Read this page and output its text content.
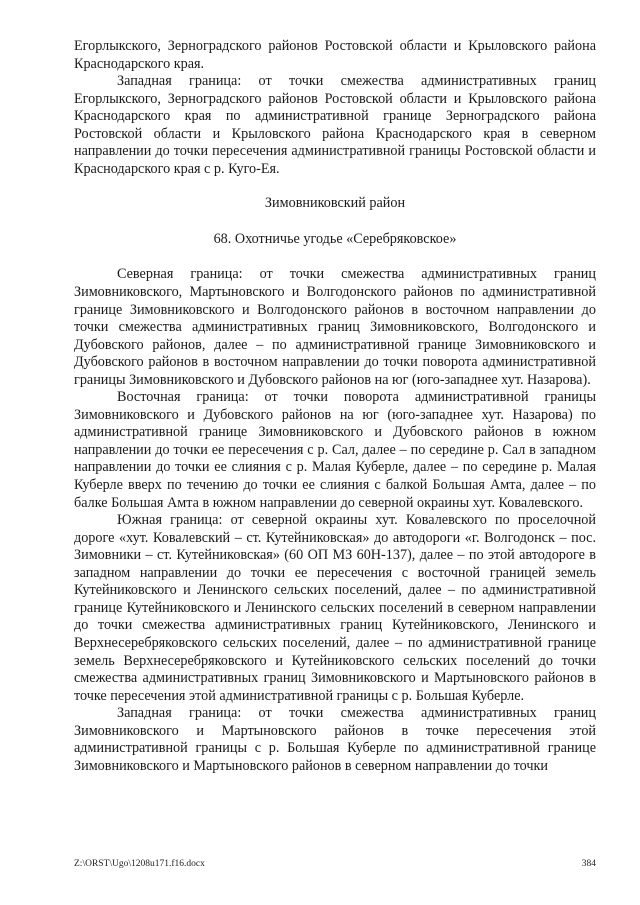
Егорлыкского, Зерноградского районов Ростовской области и Крыловского района Краснодарского края.

Западная граница: от точки смежества административных границ Егорлыкского, Зерноградского районов Ростовской области и Крыловского района Краснодарского края по административной границе Зерноградского района Ростовской области и Крыловского района Краснодарского края в северном направлении до точки пересечения административной границы Ростовской области и Краснодарского края с р. Куго-Ея.

Зимовниковский район

68. Охотничье угодье «Серебряковское»

Северная граница: от точки смежества административных границ Зимовниковского, Мартыновского и Волгодонского районов по административной границе Зимовниковского и Волгодонского районов в восточном направлении до точки смежества административных границ Зимовниковского, Волгодонского и Дубовского районов, далее – по административной границе Зимовниковского и Дубовского районов в восточном направлении до точки поворота административной границы Зимовниковского и Дубовского районов на юг (юго-западнее хут. Назарова).

Восточная граница: от точки поворота административной границы Зимовниковского и Дубовского районов на юг (юго-западнее хут. Назарова) по административной границе Зимовниковского и Дубовского районов в южном направлении до точки ее пересечения с р. Сал, далее – по середине р. Сал в западном направлении до точки ее слияния с р. Малая Куберле, далее – по середине р. Малая Куберле вверх по течению до точки ее слияния с балкой Большая Амта, далее – по балке Большая Амта в южном направлении до северной окраины хут. Ковалевского.

Южная граница: от северной окраины хут. Ковалевского по проселочной дороге «хут. Ковалевский – ст. Кутейниковская» до автодороги «г. Волгодонск – пос. Зимовники – ст. Кутейниковская» (60 ОП МЗ 60Н-137), далее – по этой автодороге в западном направлении до точки ее пересечения с восточной границей земель Кутейниковского и Ленинского сельских поселений, далее – по административной границе Кутейниковского и Ленинского сельских поселений в северном направлении до точки смежества административных границ Кутейниковского, Ленинского и Верхнесеребряковского сельских поселений, далее – по административной границе земель Верхнесеребряковского и Кутейниковского сельских поселений до точки смежества административных границ Зимовниковского и Мартыновского районов в точке пересечения этой административной границы с р. Большая Куберле.

Западная граница: от точки смежества административных границ Зимовниковского и Мартыновского районов в точке пересечения этой административной границы с р. Большая Куберле по административной границе Зимовниковского и Мартыновского районов в северном направлении до точки

Z:\ORST\Ugo\1208u171.f16.docx	384
